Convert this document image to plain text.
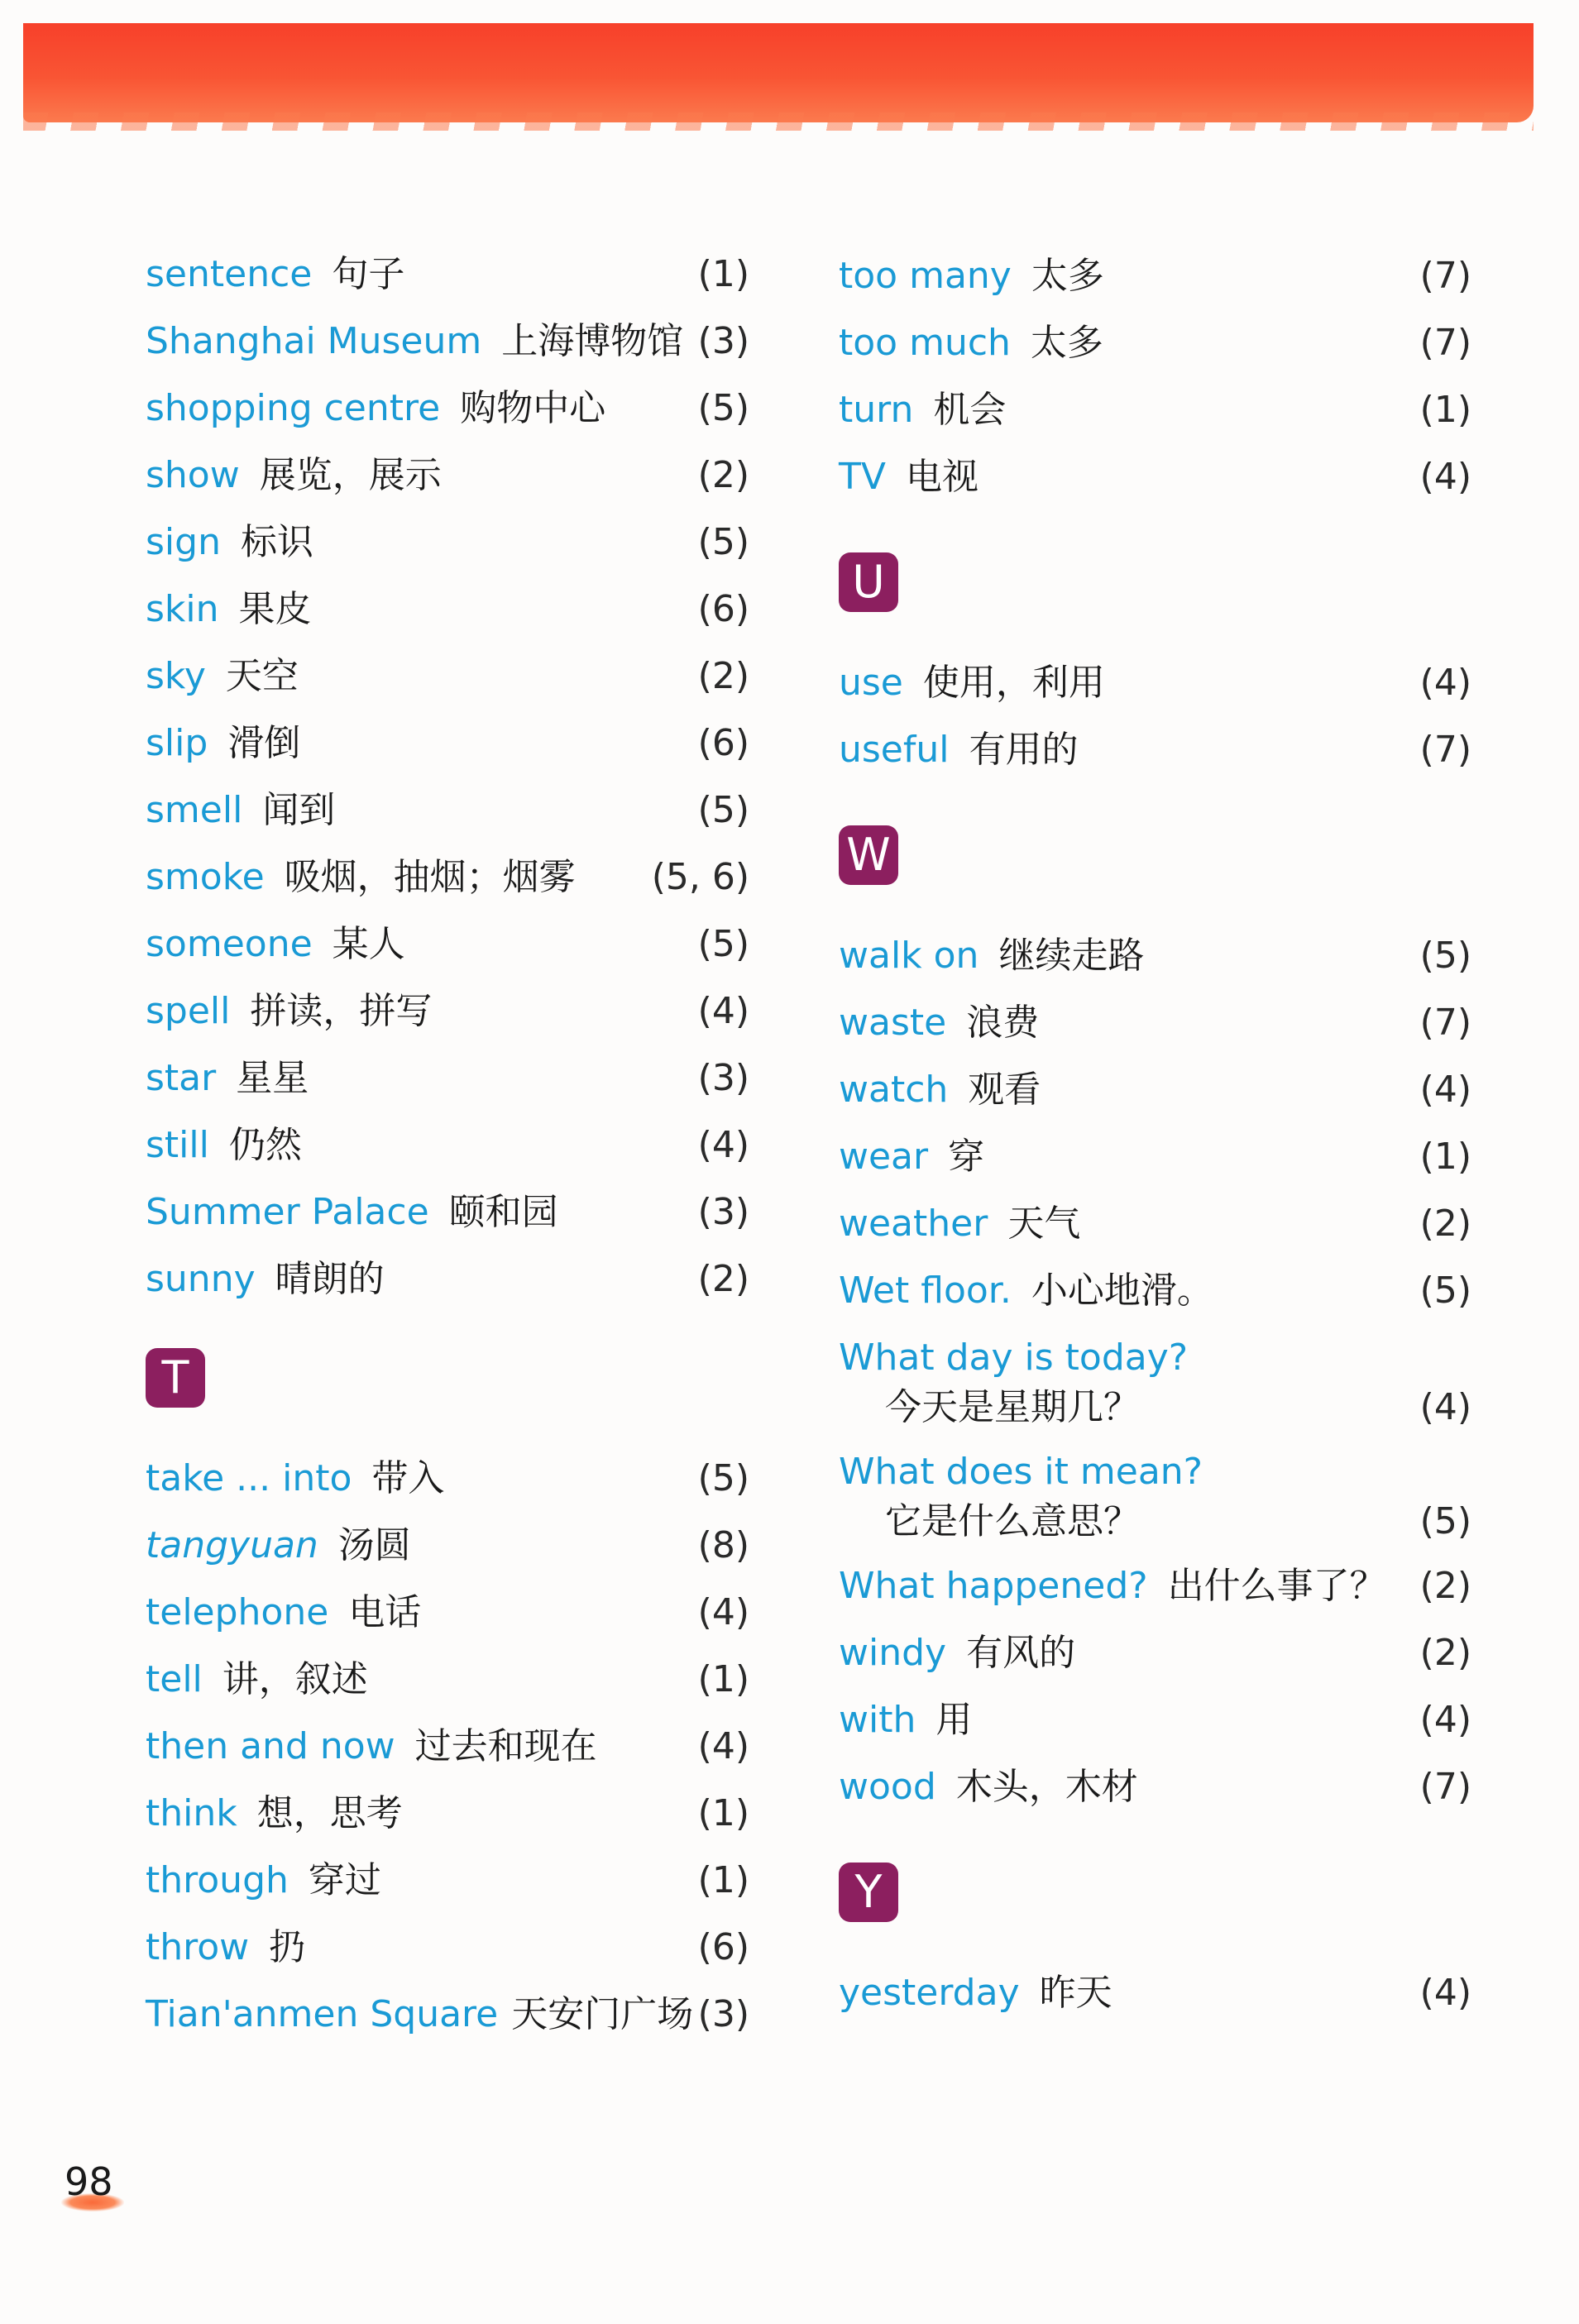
sentence 句子	(1)
Shanghai Museum 上海博物馆 (3)
shopping centre 购物中心	(5)
show 展览，展示	(2)
sign 标识	(5)
skin 果皮	(6)
sky 天空	(2)
slip 滑倒	(6)
smell 闻到	(5)
smoke 吸烟，抽烟；烟雾 (5, 6)
someone 某人	(5)
spell 拼读，拼写	(4)
star 星星	(3)
still 仍然	(4)
Summer Palace 颐和园	(3)
sunny 晴朗的	(2)
T
take ... into 带入	(5)
tangyuan 汤圆	(8)
telephone 电话	(4)
tell 讲，叙述	(1)
then and now 过去和现在	(4)
think 想，思考	(1)
through 穿过	(1)
throw 扔	(6)
Tian'anmen Square 天安门广场 (3)
too many 太多	(7)
too much 太多	(7)
turn 机会	(1)
TV 电视	(4)
U
use 使用，利用	(4)
useful 有用的	(7)
W
walk on 继续走路	(5)
waste 浪费	(7)
watch 观看	(4)
wear 穿	(1)
weather 天气	(2)
Wet floor. 小心地滑。	(5)
What day is today?
今天是星期几？	(4)
What does it mean?
它是什么意思？	(5)
What happened? 出什么事了？ (2)
windy 有风的	(2)
with 用	(4)
wood 木头，木材	(7)
Y
yesterday 昨天	(4)
98
